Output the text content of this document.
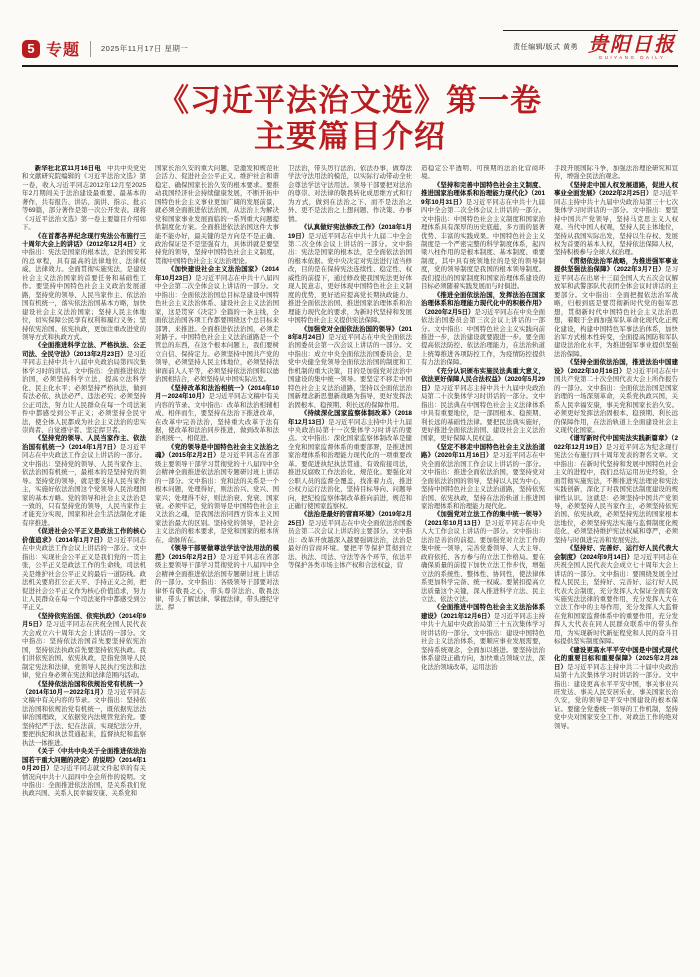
5 专题	2025年11月17日 星期一	责任编辑/版式 黄勇 贵阳日报
GUIYANG DAILY
《习近平法治文选》第一卷
主要篇目介绍

新华社北京11月16日电　中共中央党史和文献研究院编辑的《习近平法治文选》第一卷，收入习近平同志2012年12月至2025年2月期间关于法治建设最重要、最基本的著作，共有报告、讲话、演讲、指示、批示等69篇，部分著作是第一次公开发表。现将《习近平法治文选》第一卷主要篇目介绍如下。

《在首都各界纪念现行宪法公布施行三十周年大会上的讲话》（2012年12月4日）文中指出：宪法是国家的根本法，是治国安邦的总章程，具有最高的法律地位、法律权威、法律效力。全面贯彻实施宪法，是建设社会主义法治国家的首要任务和基础性工作。要坚持中国特色社会主义政治发展道路，坚持党的领导、人民当家作主、依法治国有机统一，落实依法治国基本方略，加快建设社会主义法治国家；坚持人民主体地位，切实保障公民享有权利和履行义务；坚持依宪治国、依宪执政，更加注重改进党的领导方式和执政方式。

《全面推进科学立法、严格执法、公正司法、全民守法》（2013年2月23日）是习近平同志主持中共十八届中央政治局第四次集体学习时的讲话。文中指出：全面推进依法治国，必须坚持科学立法，提高立法科学化、民主化水平；必须坚持严格执法，做到有法必依、执法必严、违法必究；必须坚持公正司法，努力让人民群众在每一个司法案件中都感受到公平正义；必须坚持全民守法，使全体人民都成为社会主义法治的忠实崇尚者、自觉遵守者、坚定捍卫者。

《坚持党的领导、人民当家作主、依法治国有机统一》（2014年1月7日）是习近平同志在中央政法工作会议上讲话的一部分。文中指出：坚持党的领导、人民当家作主、依法治国有机统一，最根本的是坚持党的领导。坚持党的领导，就是要支持人民当家作主，实施好依法治国这个党领导人民治理国家的基本方略。党的领导和社会主义法治是一致的，只有坚持党的领导，人民当家作主才能充分实现，国家和社会生活法制化才能有序推进。

《促进社会公平正义是政法工作的核心价值追求》（2014年1月7日）是习近平同志在中央政法工作会议上讲话的一部分。文中指出：实现社会公平正义是我们党的一贯主张，公平正义是政法工作的生命线，司法机关是维护社会公平正义的最后一道防线。政法机关要肩扛公正天平、手持正义之剑，把促进社会公平正义作为核心价值追求，努力让人民群众在每一个司法案件中都感受到公平正义。

《坚持依宪治国、依宪执政》（2014年9月5日）是习近平同志在庆祝全国人民代表大会成立六十周年大会上讲话的一部分。文中指出：坚持依法治国首先要坚持依宪治国，坚持依法执政首先要坚持依宪执政。我们讲依宪治国、依宪执政，是指党领导人民制定宪法和法律，党领导人民执行宪法和法律，党自身必须在宪法和法律范围内活动。

《坚持依法治国和依规治党有机统一》（2014年10月－2022年1月）是习近平同志文稿中有关内容的节录。文中指出：坚持依法治国和依规治党有机统一，既依据宪法法律治国理政，又依据党内法规管党治党。要坚持纪严于法、纪在法前，实现纪法分开，要把执纪和执法贯通起来，监督执纪和监察执法一体推进。

《关于〈中共中央关于全面推进依法治国若干重大问题的决定〉的说明》（2014年10月20日）是习近平同志就文件起草的有关情况向中共十八届四中全会所作的说明。文中指出：全面推进依法治国，是关系我们党执政兴国、关系人民幸福安康、关系党和

国家长治久安的重大问题，是激发和规范社会活力、促进社会公平正义、维护社会和谐稳定、确保国家长治久安的根本要求。要推动我国经济社会持续健康发展，不断开拓中国特色社会主义事业更加广阔的发展前景，就必须全面推进依法治国，从法治上为解决党和国家事业发展面临的一系列重大问题提供制度化方案。全面推进依法治国这件大事能不能办好，最关键的是方向是不是正确、政治保证是不是坚强有力，具体讲就是要坚持党的领导，坚持中国特色社会主义制度，贯彻中国特色社会主义法治理论。

《加快建设社会主义法治国家》（2014年10月23日）是习近平同志在中共十八届四中全会第二次全体会议上讲话的一部分。文中指出：全面依法治国总目标是建设中国特色社会主义法治体系、建设社会主义法治国家，这是贯穿《决定》全篇的一条主线，全面依法治国各项工作都要围绕这个总目标来部署、来推进。全面推进依法治国，必须走对路子。中国特色社会主义法治道路是一个管总的东西，在这个根本问题上，我们要树立自信、保持定力。必须坚持中国共产党的领导，必须坚持人民主体地位，必须坚持法律面前人人平等，必须坚持依法治国和以德治国相结合，必须坚持从中国实际出发。

《坚持改革和法治相统一》（2014年10月－2024年10月）是习近平同志文稿中有关内容的节录。文中指出：改革和法治相辅相成、相伴而生，要坚持在法治下推进改革，在改革中完善法治，坚持重大改革于法有据，使改革和法治同步推进，做到改革和法治相统一、相促进。

《党的领导是中国特色社会主义法治之魂》（2015年2月2日）是习近平同志在省部级主要领导干部学习贯彻党的十八届四中全会精神全面推进依法治国专题研讨班上讲话的一部分。文中指出：党和法的关系是一个根本问题，处理得好，则法治兴、党兴、国家兴；处理得不好，则法治衰、党衰、国家衰。必须牢记，党的领导是中国特色社会主义法治之魂，是我国法治同西方资本主义国家法治最大的区别。坚持党的领导，是社会主义法治的根本要求，是党和国家的根本所在、命脉所在。

《领导干部要做尊法学法守法用法的模范》（2015年2月2日）是习近平同志在省部级主要领导干部学习贯彻党的十八届四中全会精神全面推进依法治国专题研讨班上讲话的一部分。文中指出：各级领导干部要对法律怀有敬畏之心，带头尊崇法治、敬畏法律，带头了解法律、掌握法律，带头遵纪守法、捍

卫法治，带头厉行法治、依法办事，做尊法学法守法用法的模范，以实际行动带动全社会尊法学法守法用法。领导干部要把对法治的尊崇、对法律的敬畏转化成思维方式和行为方式，做到在法治之下、而不是法治之外、更不是法治之上想问题、作决策、办事情。

《认真做好宪法修改工作》（2018年1月19日）是习近平同志在中共十九届二中全会第二次全体会议上讲话的一部分。文中指出：宪法是国家的根本法，是全面依法治国的根本依据。党中央决定对宪法进行适当修改，目的是在保持宪法连续性、稳定性、权威性的前提下，通过修改使我国宪法更好体现人民意志，更好体现中国特色社会主义制度的优势，更好适应提高党长期执政能力、推进全面依法治国、推进国家治理体系和治理能力现代化的要求，为新时代坚持和发展中国特色社会主义提供宪法保障。

《加强党对全面依法治国的领导》（2018年8月24日）是习近平同志在中央全面依法治国委员会第一次会议上讲话的一部分。文中指出：成立中央全面依法治国委员会，是党中央健全党领导全面依法治国的制度和工作机制的重大决策，目的是加强党对法治中国建设的集中统一领导。要坚定不移走中国特色社会主义法治道路，坚持以全面依法治国新理念新思想新战略为指导，更好发挥法治固根本、稳预期、利长远的保障作用。

《持续深化国家监察体制改革》（2018年12月13日）是习近平同志主持中共十九届中央政治局第十一次集体学习时讲话的要点。文中指出：深化国家监察体制改革是健全党和国家监督体系的重要部署，是推进国家治理体系和治理能力现代化的一项重要改革。要促进执纪执法贯通、有效衔接司法，推进反腐败工作法治化、规范化。要强化对公职人员的监督全覆盖，找准着力点，推进公权力运行法治化，坚持目标导向、问题导向，把纪检监察体制改革推向前进，规范和正确行使国家监察权。

《法治是最好的营商环境》（2019年2月25日）是习近平同志在中央全面依法治国委员会第二次会议上讲话的主要部分。文中指出：改革开放越深入越要强调法治，法治是最好的营商环境。要把平等保护贯彻到立法、执法、司法、守法等各个环节，依法平等保护各类市场主体产权和合法权益，营

造稳定公平透明、可预期的法治化营商环境。

《坚持和完善中国特色社会主义制度、推进国家治理体系和治理能力现代化》（2019年10月31日）是习近平同志在中共十九届四中全会第二次全体会议上讲话的一部分。文中指出：中国特色社会主义制度和国家治理体系具有深厚的历史底蕴、多方面的显著优势、丰富的实践成果。中国特色社会主义制度是一个严密完整的科学制度体系，起四梁八柱作用的是根本制度、基本制度、重要制度，其中具有统领地位的是党的领导制度，党的领导制度是我国的根本领导制度。我们提出的国家制度和国家治理体系建设的目标必须随着实践发展而与时俱进。

《推进全面依法治国，发挥法治在国家治理体系和治理能力现代化中的积极作用》（2020年2月5日）是习近平同志在中央全面依法治国委员会第三次会议上讲话的一部分。文中指出：中国特色社会主义实践向前推进一步，法治建设就要跟进一步。要全面提高依法防控、依法治理能力，在法治轨道上统筹推进各项防控工作，为疫情防控提供有力法治保障。

《充分认识颁布实施民法典重大意义，依法更好保障人民合法权益》（2020年5月29日）是习近平同志主持中共十九届中央政治局第二十次集体学习时讲话的一部分。文中指出：民法典在中国特色社会主义法律体系中具有重要地位，是一部固根本、稳预期、利长远的基础性法律。要把民法典实施好，更好推进全面依法治国、建设社会主义法治国家，更好保障人民权益。

《坚定不移走中国特色社会主义法治道路》（2020年11月16日）是习近平同志在中央全面依法治国工作会议上讲话的一部分。文中指出：推进全面依法治国，要坚持党对全面依法治国的领导，坚持以人民为中心，坚持中国特色社会主义法治道路，坚持依宪治国、依宪执政，坚持在法治轨道上推进国家治理体系和治理能力现代化。

《加强党对立法工作的集中统一领导》（2021年10月13日）是习近平同志在中央人大工作会议上讲话的一部分。文中指出：法治是善治的前提。要加强党对立法工作的集中统一领导，完善党委领导、人大主导、政府依托、各方参与的立法工作格局。要在确保质量的前提下加快立法工作步伐，增强立法的系统性、整体性、协同性，使法律体系更加科学完备、统一权威。要紧扣提高立法质量这个关键，深入推进科学立法、民主立法、依法立法。

《全面推进中国特色社会主义法治体系建设》（2021年12月6日）是习近平同志主持中共十九届中央政治局第三十五次集体学习时讲话的一部分。文中指出：建设中国特色社会主义法治体系，要顺应事业发展需要，坚持系统观念，全面加以推进。要坚持法治体系建设正确方向，加快重点领域立法，深化法治领域改革，运用法治

手段开展国际斗争，加强法治理论研究和宣传，增强全民法治观念。

《坚持走中国人权发展道路，促进人权事业全面发展》（2022年2月25日）是习近平同志主持中共十九届中央政治局第三十七次集体学习时讲话的一部分。文中指出：要坚持中国共产党领导，坚持马克思主义人权观、当代中国人权观，坚持人民主体地位，坚持从我国实际出发，坚持以生存权、发展权为首要的基本人权，坚持依法保障人权，坚持积极参与全球人权治理。

《贯彻依法治军战略，为推进强军事业提供坚强法治保障》（2022年3月7日）是习近平同志在出席十三届全国人大五次会议解放军和武警部队代表团全体会议时讲话的主要部分。文中指出：全面把握依法治军战略，归根到底是要贯彻新时代党的强军思想，贯彻新时代中国特色社会主义法治思想，着眼于全面加强军队革命化现代化正规化建设，构建中国特色军事法治体系，加快治军方式根本性转变，全面提高国防和军队建设法治化水平，为推进强军事业提供坚强法治保障。

《坚持全面依法治国，推进法治中国建设》（2022年10月16日）是习近平同志在中国共产党第二十次全国代表大会上所作报告的一部分。文中指出：全面依法治国是国家治理的一场深刻革命，关系党执政兴国，关系人民幸福安康，事关党和国家长治久安。必须更好发挥法治固根本、稳预期、利长远的保障作用，在法治轨道上全面建设社会主义现代化国家。

《谱写新时代中国宪法实践新篇章》（2022年12月19日）是习近平同志为纪念现行宪法公布施行四十周年发表的署名文章。文中指出：在新时代坚持和发展中国特色社会主义的进程中，我们总结运用历史经验，全面贯彻实施宪法，不断推进宪法理论和宪法实践创新，深化了对我国宪法制度建设的规律性认识。这就是：必须坚持中国共产党领导，必须坚持人民当家作主，必须坚持依宪治国、依宪执政，必须坚持宪法的国家根本法地位，必须坚持宪法实施与监督制度化规范化，必须坚持维护宪法权威和尊严，必须坚持与时俱进完善和发展宪法。

《坚持好、完善好、运行好人民代表大会制度》（2024年9月14日）是习近平同志在庆祝全国人民代表大会成立七十周年大会上讲话的一部分。文中指出：要围绕发展全过程人民民主，坚持好、完善好、运行好人民代表大会制度，充分发挥人大保证全面有效实施宪法法律的重要作用，充分发挥人大在立法工作中的主导作用，充分发挥人大监督在党和国家监督体系中的重要作用，充分发挥人大代表在同人民群众联系中的带头作用，为实现新时代新征程党和人民的奋斗目标提供坚实制度保障。

《建设更高水平平安中国是中国式现代化的重要目标和重要保障》（2025年2月28日）是习近平同志主持中共二十届中央政治局第十九次集体学习时讲话的一部分。文中指出：建设更高水平平安中国，事关事业兴旺发达、事关人民安居乐业、事关国家长治久安，党的领导是平安中国建设的根本保证。要健全党委统一领导的工作机制，坚持党中央对国家安全工作、对政法工作的绝对领导。
